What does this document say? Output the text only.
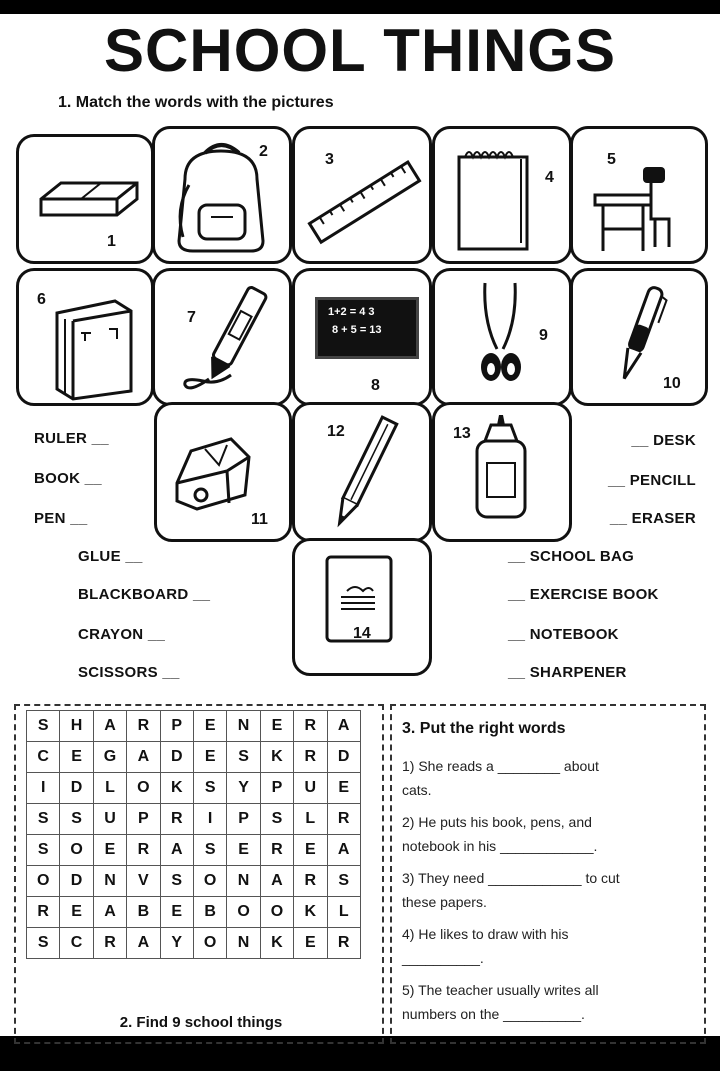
SCHOOL THINGS
1. Match the words with the pictures
1
2	3
4
5
6
7	1+2 = 4 3
8 + 5 = 13
8
9
10
11
12	13
14
RULER __
BOOK __
PEN __
GLUE __
BLACKBOARD __
CRAYON __
SCISSORS __
__ DESK
__ PENCILL
__ ERASER
__ SCHOOL BAG
__ EXERCISE BOOK
__ NOTEBOOK
__ SHARPENER
S	H	A	R	P	E	N	E	R	A
C	E	G	A	D	E	S	K	R	D
I	D	L	O	K	S	Y	P	U	E
S	S	U	P	R	I	P	S	L	R
S	O	E	R	A	S	E	R	E	A
O	D	N	V	S	O	N	A	R	S
R	E	A	B	E	B	O	O	K	L
S	C	R	A	Y	O	N	K	E	R
2. Find 9 school things
3. Put the right words
1) She reads a ________ about
cats.
2) He puts his book, pens, and
notebook in his ____________.
3) They need ____________ to cut
these papers.
4) He likes to draw with his
__________.
5) The teacher usually writes all
numbers on the __________.
